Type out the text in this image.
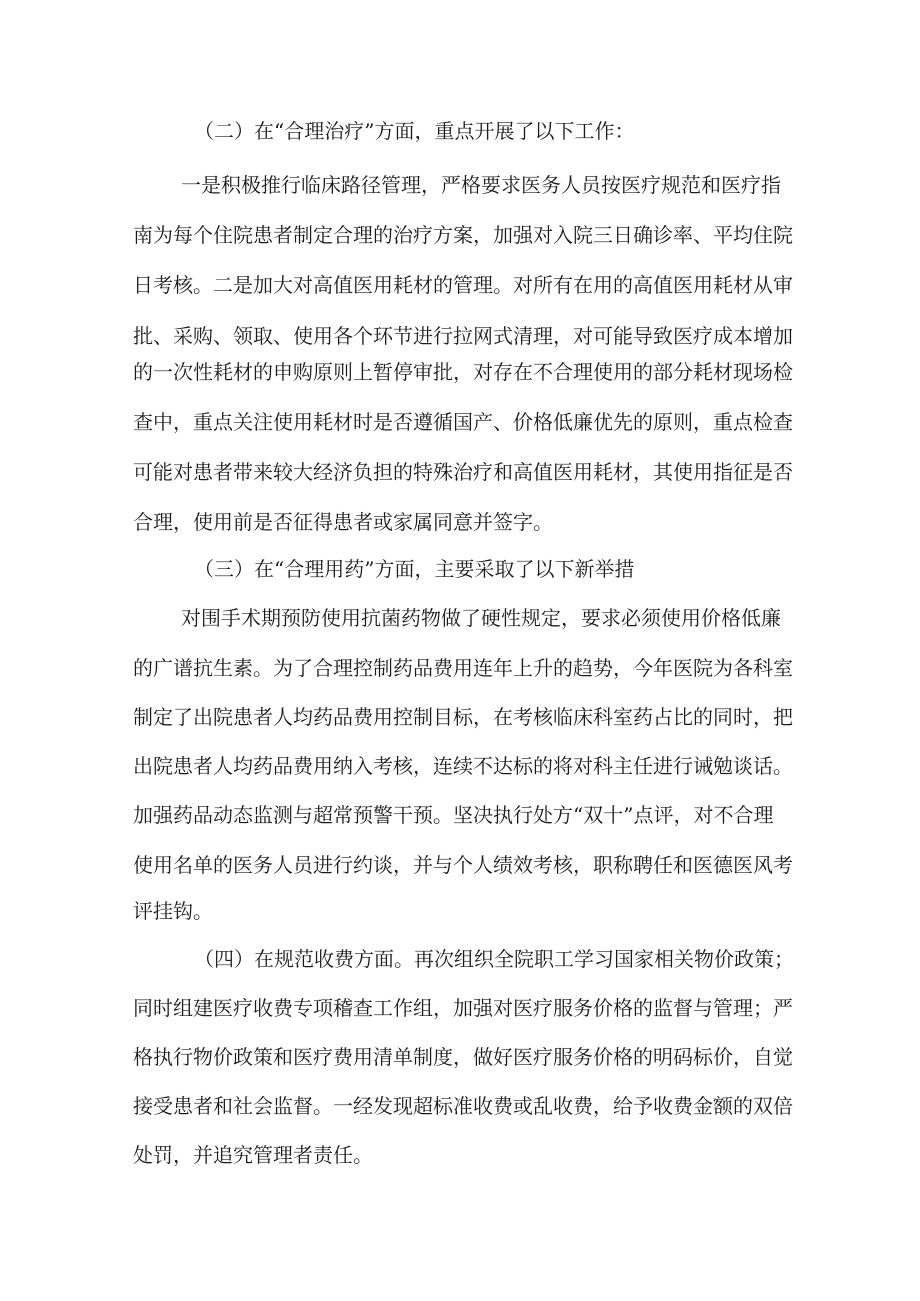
（二）在“合理治疗”方面，重点开展了以下工作：

一是积极推行临床路径管理，严格要求医务人员按医疗规范和医疗指

南为每个住院患者制定合理的治疗方案，加强对入院三日确诊率、平均住院

日考核。二是加大对高值医用耗材的管理。对所有在用的高值医用耗材从审

批、采购、领取、使用各个环节进行拉网式清理，对可能导致医疗成本增加

的一次性耗材的申购原则上暂停审批，对存在不合理使用的部分耗材现场检

查中，重点关注使用耗材时是否遵循国产、价格低廉优先的原则，重点检查

可能对患者带来较大经济负担的特殊治疗和高值医用耗材，其使用指征是否

合理，使用前是否征得患者或家属同意并签字。

（三）在“合理用药”方面，主要采取了以下新举措

对围手术期预防使用抗菌药物做了硬性规定，要求必须使用价格低廉

的广谱抗生素。为了合理控制药品费用连年上升的趋势，今年医院为各科室

制定了出院患者人均药品费用控制目标，在考核临床科室药占比的同时，把

出院患者人均药品费用纳入考核，连续不达标的将对科主任进行诫勉谈话。

加强药品动态监测与超常预警干预。坚决执行处方“双十”点评，对不合理

使用名单的医务人员进行约谈，并与个人绩效考核，职称聘任和医德医风考

评挂钩。

（四）在规范收费方面。再次组织全院职工学习国家相关物价政策；

同时组建医疗收费专项稽查工作组，加强对医疗服务价格的监督与管理；严

格执行物价政策和医疗费用清单制度，做好医疗服务价格的明码标价，自觉

接受患者和社会监督。一经发现超标准收费或乱收费，给予收费金额的双倍

处罚，并追究管理者责任。
